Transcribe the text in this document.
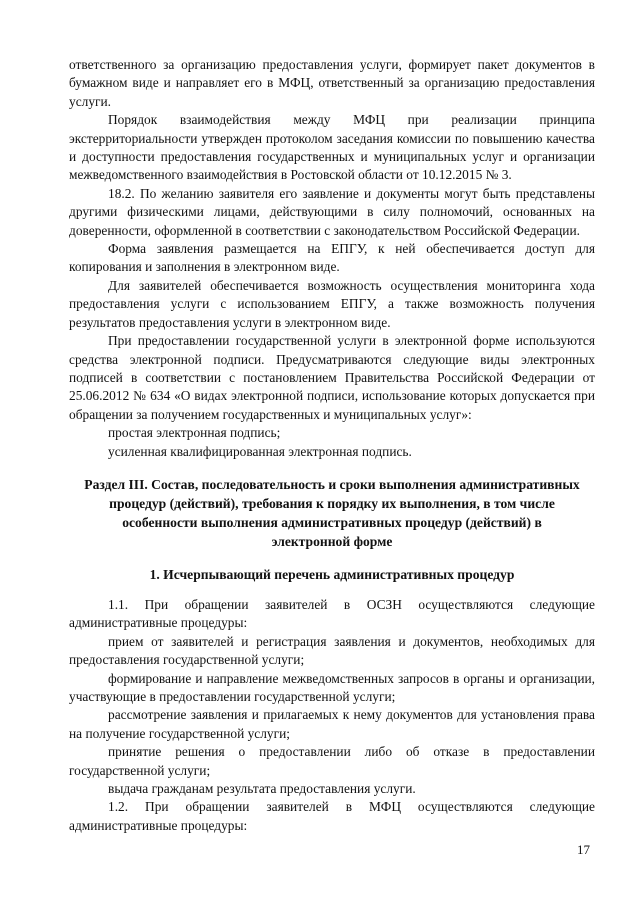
ответственного за организацию предоставления услуги, формирует пакет документов в бумажном виде и направляет его в МФЦ, ответственный за организацию предоставления услуги.

Порядок взаимодействия между МФЦ при реализации принципа экстерриториальности утвержден протоколом заседания комиссии по повышению качества и доступности предоставления государственных и муниципальных услуг и организации межведомственного взаимодействия в Ростовской области от 10.12.2015 № 3.

18.2. По желанию заявителя его заявление и документы могут быть представлены другими физическими лицами, действующими в силу полномочий, основанных на доверенности, оформленной в соответствии с законодательством Российской Федерации.

Форма заявления размещается на ЕПГУ, к ней обеспечивается доступ для копирования и заполнения в электронном виде.

Для заявителей обеспечивается возможность осуществления мониторинга хода предоставления услуги с использованием ЕПГУ, а также возможность получения результатов предоставления услуги в электронном виде.

При предоставлении государственной услуги в электронной форме используются средства электронной подписи. Предусматриваются следующие виды электронных подписей в соответствии с постановлением Правительства Российской Федерации от 25.06.2012 № 634 «О видах электронной подписи, использование которых допускается при обращении за получением государственных и муниципальных услуг»:

простая электронная подпись;

усиленная квалифицированная электронная подпись.

Раздел III. Состав, последовательность и сроки выполнения административных процедур (действий), требования к порядку их выполнения, в том числе особенности выполнения административных процедур (действий) в электронной форме
1. Исчерпывающий перечень административных процедур

1.1. При обращении заявителей в ОСЗН осуществляются следующие административные процедуры:

прием от заявителей и регистрация заявления и документов, необходимых для предоставления государственной услуги;

формирование и направление межведомственных запросов в органы и организации, участвующие в предоставлении государственной услуги;

рассмотрение заявления и прилагаемых к нему документов для установления права на получение государственной услуги;

принятие решения о предоставлении либо об отказе в предоставлении государственной услуги;

выдача гражданам результата предоставления услуги.

1.2. При обращении заявителей в МФЦ осуществляются следующие административные процедуры:

17
